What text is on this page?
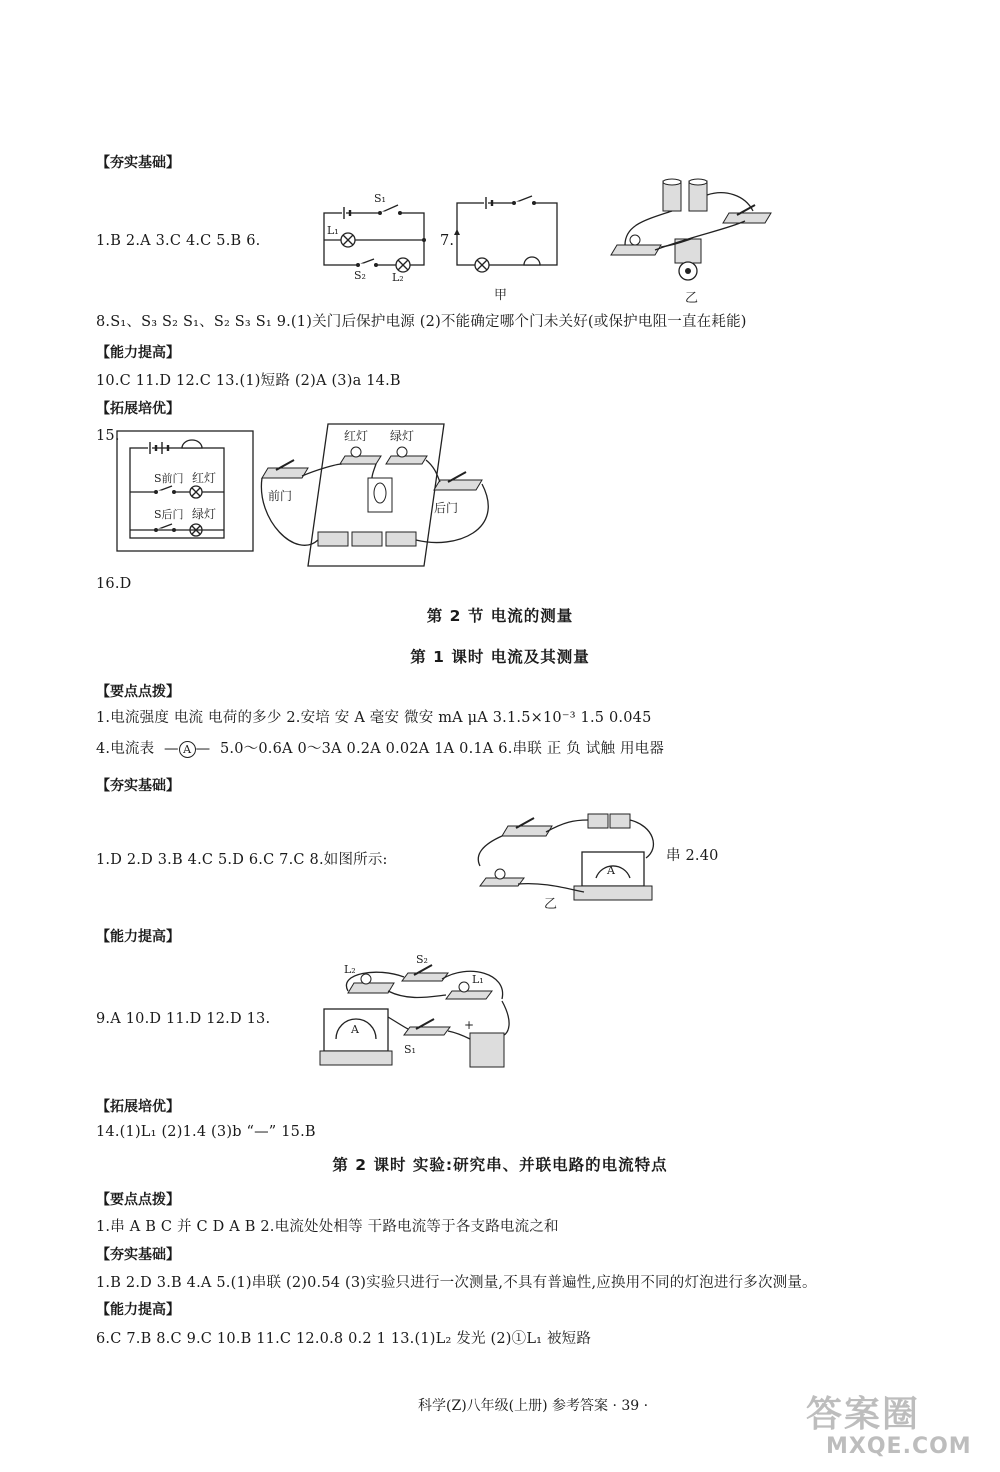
【夯实基础】
1.B 2.A 3.C 4.C 5.B 6.
S₁
L₁
S₂ L₂
7.
甲	乙
8.S₁、S₃ S₂ S₁、S₂ S₃ S₁ 9.(1)关门后保护电源 (2)不能确定哪个门未关好(或保护电阻一直在耗能)
【能力提高】
10.C 11.D 12.C 13.(1)短路 (2)A (3)a 14.B
【拓展培优】
15.
S前门 红灯
S后门 绿灯
前门
后门
红灯 绿灯
16.D
第 2 节 电流的测量
第 1 课时 电流及其测量
【要点点拨】
1.电流强度 电流 电荷的多少 2.安培 安 A 毫安 微安 mA μA 3.1.5×10⁻³ 1.5 0.045
4.电流表  — A —  5.0～0.6A 0～3A 0.2A 0.02A 1A 0.1A 6.串联 正 负 试触 用电器
【夯实基础】
1.D 2.D 3.B 4.C 5.D 6.C 7.C 8.如图所示:
A
乙
串 2.40
【能力提高】
9.A 10.D 11.D 12.D 13.
A
L₂
S₂
L₁
S₁
+
【拓展培优】
14.(1)L₁ (2)1.4 (3)b “—” 15.B
第 2 课时 实验:研究串、并联电路的电流特点
【要点点拨】
1.串 A B C 并 C D A B 2.电流处处相等 干路电流等于各支路电流之和
【夯实基础】
1.B 2.D 3.B 4.A 5.(1)串联 (2)0.54 (3)实验只进行一次测量,不具有普遍性,应换用不同的灯泡进行多次测量。
【能力提高】
6.C 7.B 8.C 9.C 10.B 11.C 12.0.8 0.2 1 13.(1)L₂ 发光 (2)①L₁ 被短路
科学(Z)八年级(上册) 参考答案 · 39 ·	答案圈
MXQE.COM
